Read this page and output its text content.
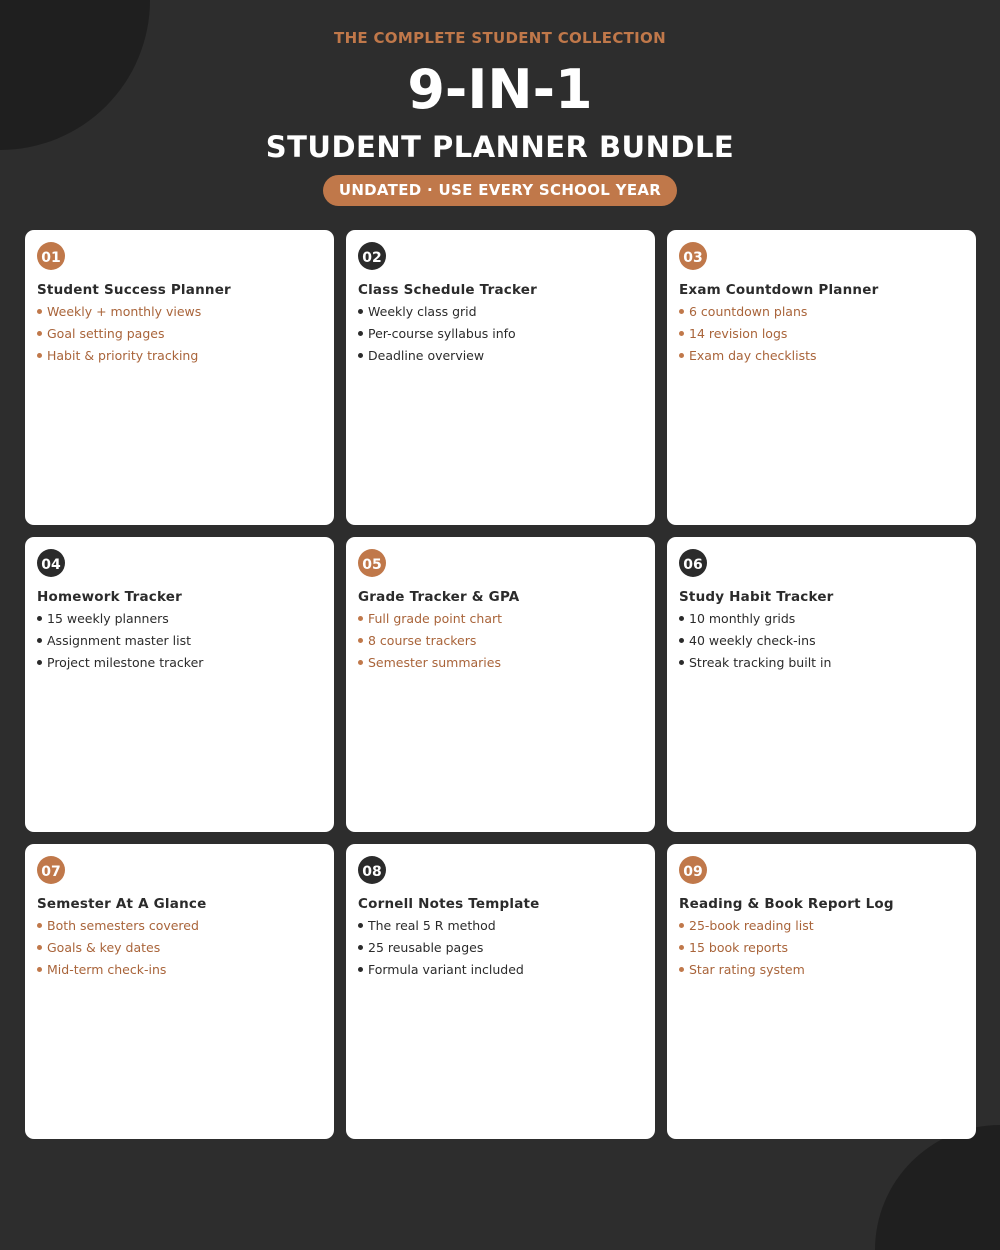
THE COMPLETE STUDENT COLLECTION
9-IN-1
STUDENT PLANNER BUNDLE
UNDATED · USE EVERY SCHOOL YEAR
01
Student Success Planner
Weekly + monthly views
Goal setting pages
Habit & priority tracking
02
Class Schedule Tracker
Weekly class grid
Per-course syllabus info
Deadline overview
03
Exam Countdown Planner
6 countdown plans
14 revision logs
Exam day checklists
04
Homework Tracker
15 weekly planners
Assignment master list
Project milestone tracker
05
Grade Tracker & GPA
Full grade point chart
8 course trackers
Semester summaries
06
Study Habit Tracker
10 monthly grids
40 weekly check-ins
Streak tracking built in
07
Semester At A Glance
Both semesters covered
Goals & key dates
Mid-term check-ins
08
Cornell Notes Template
The real 5 R method
25 reusable pages
Formula variant included
09
Reading & Book Report Log
25-book reading list
15 book reports
Star rating system
